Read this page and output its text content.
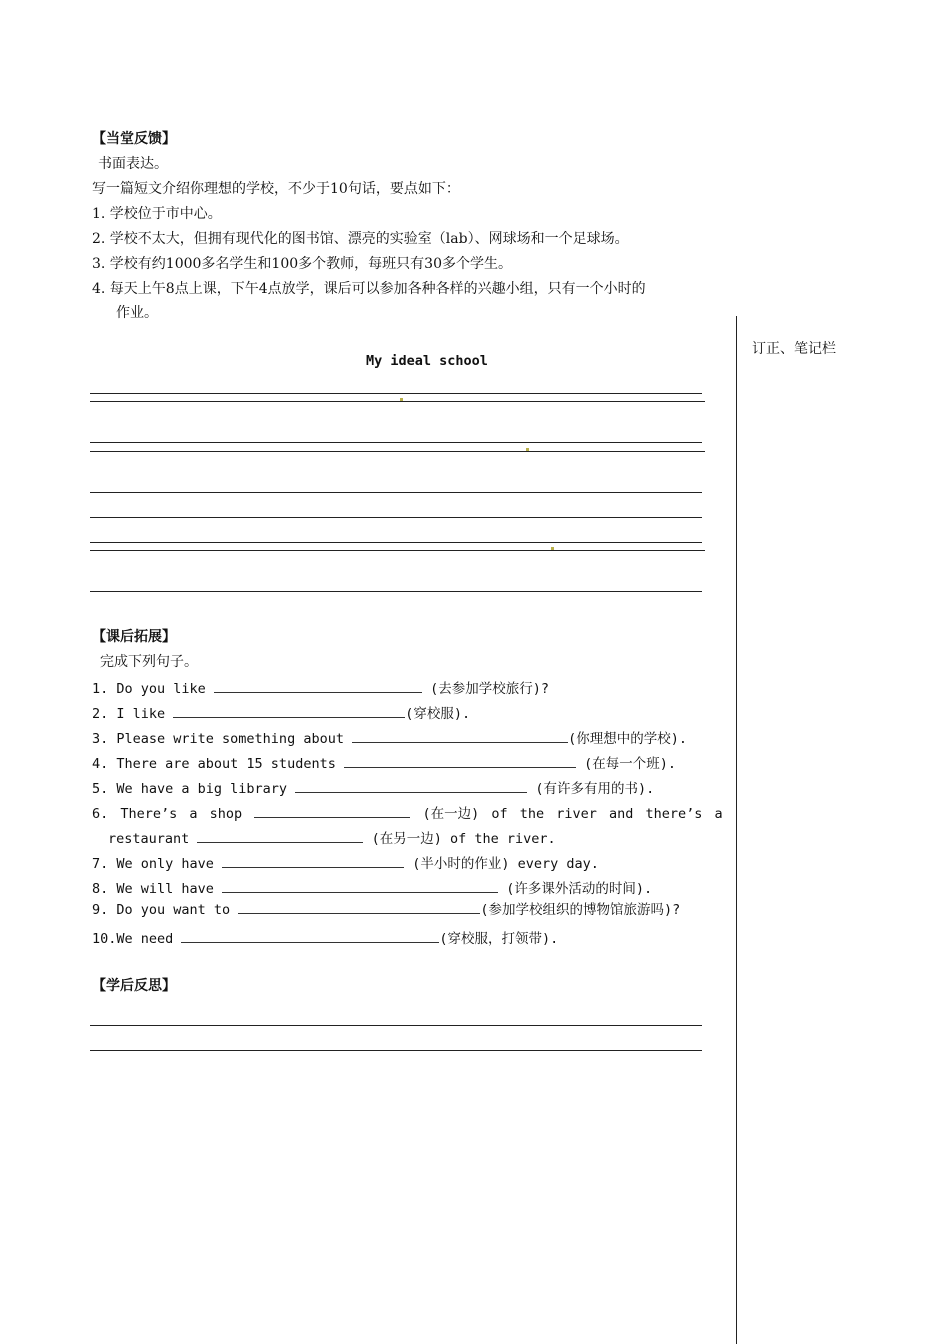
【当堂反馈】
书面表达。
写一篇短文介绍你理想的学校，不少于10句话，要点如下：
1. 学校位于市中心。
2. 学校不太大，但拥有现代化的图书馆、漂亮的实验室（lab）、网球场和一个足球场。
3. 学校有约1000多名学生和100多个教师，每班只有30多个学生。
4. 每天上午8点上课，下午4点放学，课后可以参加各种各样的兴趣小组，只有一个小时的
作业。
订正、笔记栏
My ideal school
【课后拓展】
完成下列句子。
1. Do you like	(去参加学校旅行)?
2. I like	(穿校服).
3. Please write something about	(你理想中的学校).
4. There are about 15 students	(在每一个班).
5. We have a big library	(有许多有用的书).
6. There’s a shop	(在一边) of the river and there’s a
restaurant	(在另一边) of the river.
7. We only have	(半小时的作业) every day.
8. We will have	(许多课外活动的时间).
9. Do you want to	(参加学校组织的博物馆旅游吗)?
10.We need	(穿校服，打领带).
【学后反思】
